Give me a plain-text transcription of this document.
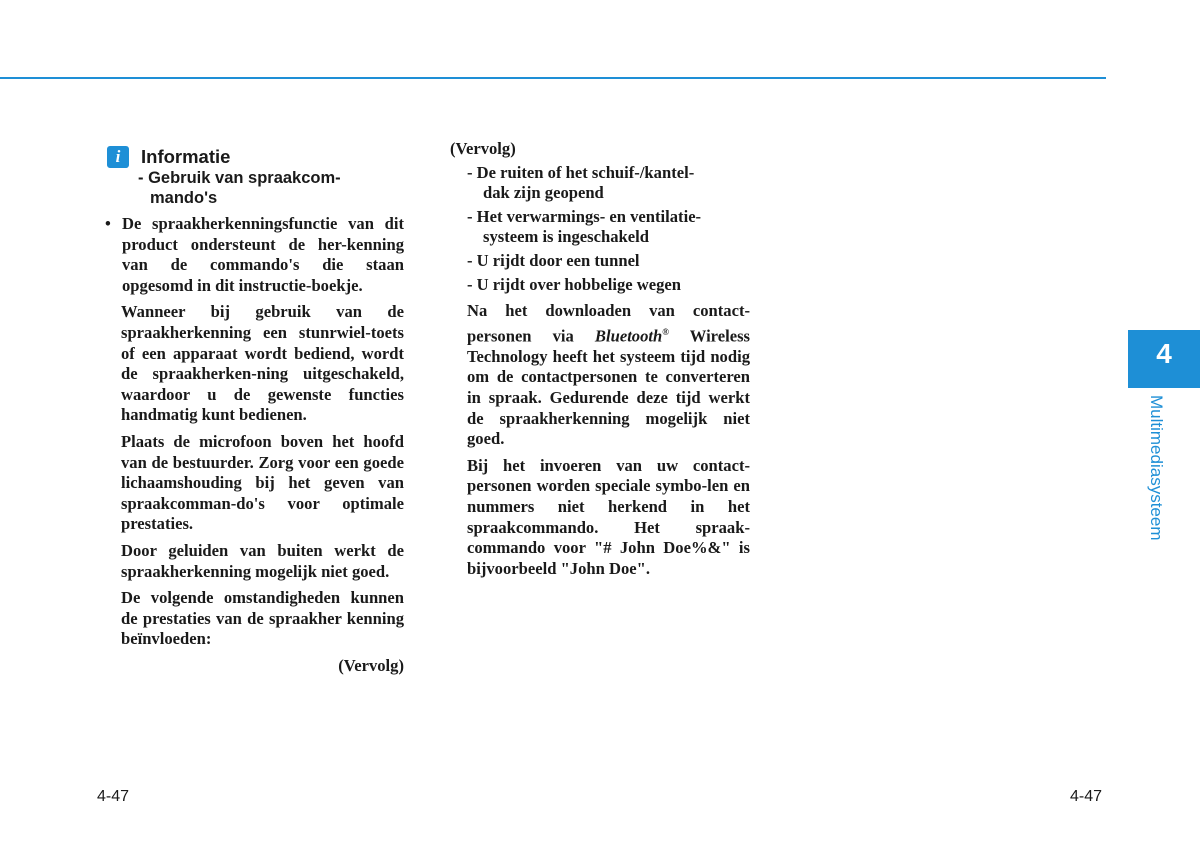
4
Multimediasysteem
i	Informatie
- Gebruik van spraakcom-
mando's
• De spraakherkenningsfunctie van dit product ondersteunt de her-kenning van de commando's die staan opgesomd in dit instructie-boekje.

Wanneer bij gebruik van de spraakherkenning een stunrwiel-toets of een apparaat wordt bediend, wordt de spraakherken-ning uitgeschakeld, waardoor u de gewenste functies handmatig kunt bedienen.

Plaats de microfoon boven het hoofd van de bestuurder. Zorg voor een goede lichaamshouding bij het geven van spraakcomman-do's voor optimale prestaties.

Door geluiden van buiten werkt de spraakherkenning mogelijk niet goed.

De volgende omstandigheden kunnen de prestaties van de spraakher kenning beïnvloeden:

(Vervolg)
(Vervolg)
- De ruiten of het schuif-/kantel-
dak zijn geopend
- Het verwarmings- en ventilatie-
systeem is ingeschakeld
- U rijdt door een tunnel
- U rijdt over hobbelige wegen

Na het downloaden van contact-personen via Bluetooth® Wireless Technology heeft het systeem tijd nodig om de contactpersonen te converteren in spraak. Gedurende deze tijd werkt de spraakherkenning mogelijk niet goed.

Bij het invoeren van uw contact-personen worden speciale symbo-len en nummers niet herkend in het spraakcommando. Het spraak-commando voor "# John Doe%&" is bijvoorbeeld "John Doe".

4-47	4-47
